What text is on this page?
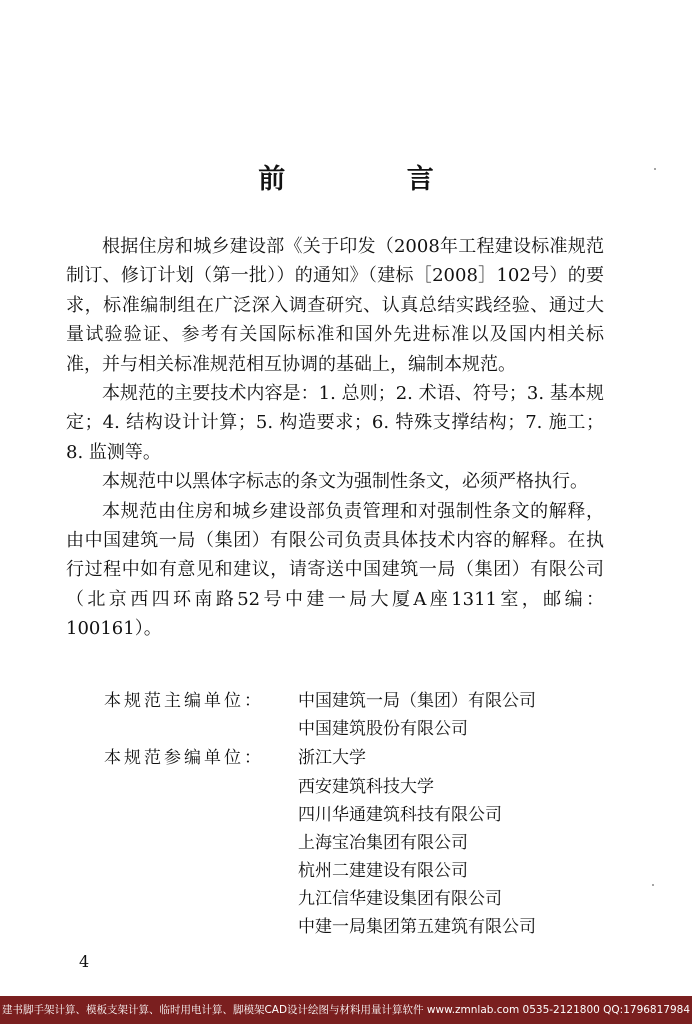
前 言

根据住房和城乡建设部《关于印发（2008年工程建设标准规范制订、修订计划（第一批））的通知》（建标［2008］102号）的要求，标准编制组在广泛深入调查研究、认真总结实践经验、通过大量试验验证、参考有关国际标准和国外先进标准以及国内相关标准，并与相关标准规范相互协调的基础上，编制本规范。

本规范的主要技术内容是：1. 总则；2. 术语、符号；3. 基本规定；4. 结构设计计算；5. 构造要求；6. 特殊支撑结构；7. 施工；8. 监测等。

本规范中以黑体字标志的条文为强制性条文，必须严格执行。

本规范由住房和城乡建设部负责管理和对强制性条文的解释，由中国建筑一局（集团）有限公司负责具体技术内容的解释。在执行过程中如有意见和建议，请寄送中国建筑一局（集团）有限公司（北京西四环南路52号中建一局大厦A座1311室，邮编：100161）。

本规范主编单位：	中国建筑一局（集团）有限公司
中国建筑股份有限公司
本规范参编单位：	浙江大学
西安建筑科技大学
四川华通建筑科技有限公司
上海宝冶集团有限公司
杭州二建建设有限公司
九江信华建设集团有限公司
中建一局集团第五建筑有限公司
4
建书脚手架计算、模板支架计算、临时用电计算、脚模架CAD设计绘图与材料用量计算软件 www.zmnlab.com 0535-2121800 QQ:1796817984
